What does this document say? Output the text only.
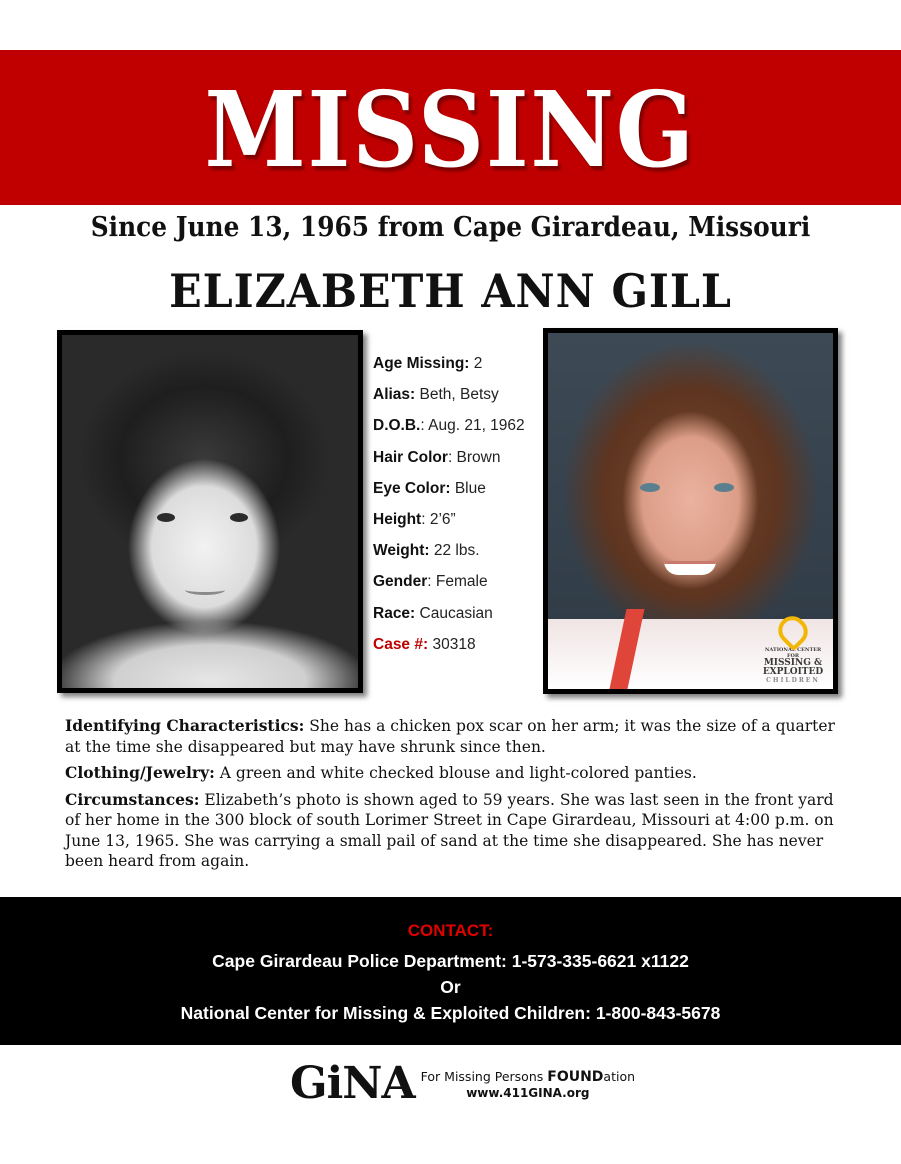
MISSING
Since June 13, 1965 from Cape Girardeau, Missouri
ELIZABETH ANN GILL
Age Missing: 2
Alias: Beth, Betsy
D.O.B.: Aug. 21, 1962
Hair Color: Brown
Eye Color: Blue
Height: 2’6”
Weight: 22 lbs.
Gender: Female
Race: Caucasian
Case #: 30318	NATIONAL CENTER FOR
MISSING &
EXPLOITED
CHILDREN

Identifying Characteristics: She has a chicken pox scar on her arm; it was the size of a quarter at the time she disappeared but may have shrunk since then.

Clothing/Jewelry: A green and white checked blouse and light-colored panties.

Circumstances: Elizabeth’s photo is shown aged to 59 years. She was last seen in the front yard of her home in the 300 block of south Lorimer Street in Cape Girardeau, Missouri at 4:00 p.m. on June 13, 1965. She was carrying a small pail of sand at the time she disappeared. She has never been heard from again.

CONTACT:
Cape Girardeau Police Department: 1-573-335-6621 x1122
Or
National Center for Missing & Exploited Children: 1-800-843-5678
GiNA For Missing Persons FOUNDation
www.411GINA.org
